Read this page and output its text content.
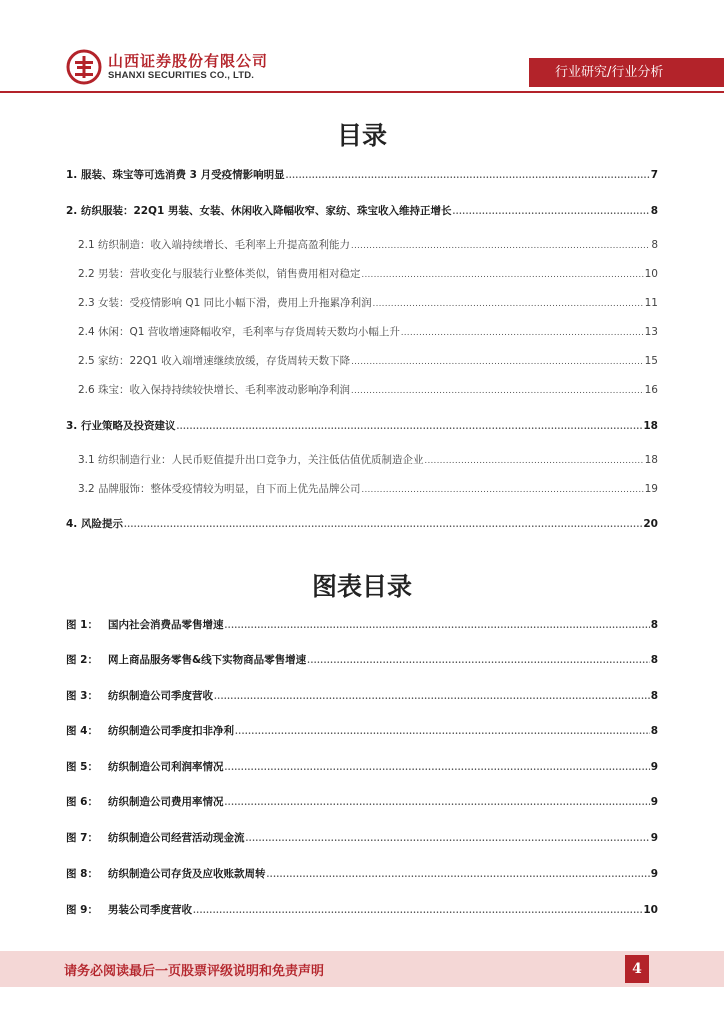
山西证券股份有限公司
SHANXI SECURITIES CO., LTD.	行业研究/行业分析
目录
1. 服装、珠宝等可选消费 3 月受疫情影响明显 .....	7
2. 纺织服装：22Q1 男装、女装、休闲收入降幅收窄、家纺、珠宝收入维持正增长 .....	8
2.1 纺织制造：收入端持续增长、毛利率上升提高盈利能力 .....	8
2.2 男装：营收变化与服装行业整体类似，销售费用相对稳定 .....	10
2.3 女装：受疫情影响 Q1 同比小幅下滑，费用上升拖累净利润 .....	11
2.4 休闲：Q1 营收增速降幅收窄，毛利率与存货周转天数均小幅上升 .....	13
2.5 家纺：22Q1 收入端增速继续放缓，存货周转天数下降 .....	15
2.6 珠宝：收入保持持续较快增长、毛利率波动影响净利润 .....	16
3. 行业策略及投资建议 .....	18
3.1 纺织制造行业：人民币贬值提升出口竞争力，关注低估值优质制造企业 .....	18
3.2 品牌服饰：整体受疫情较为明显，自下而上优先品牌公司 .....	19
4. 风险提示 .....	20
图表目录
图 1： 国内社会消费品零售增速 .....	8
图 2： 网上商品服务零售&线下实物商品零售增速 .....	8
图 3： 纺织制造公司季度营收 .....	8
图 4： 纺织制造公司季度扣非净利 .....	8
图 5： 纺织制造公司利润率情况 .....	9
图 6： 纺织制造公司费用率情况 .....	9
图 7： 纺织制造公司经营活动现金流 .....	9
图 8： 纺织制造公司存货及应收账款周转 .....	9
图 9： 男装公司季度营收 .....	10
请务必阅读最后一页股票评级说明和免责声明	4
